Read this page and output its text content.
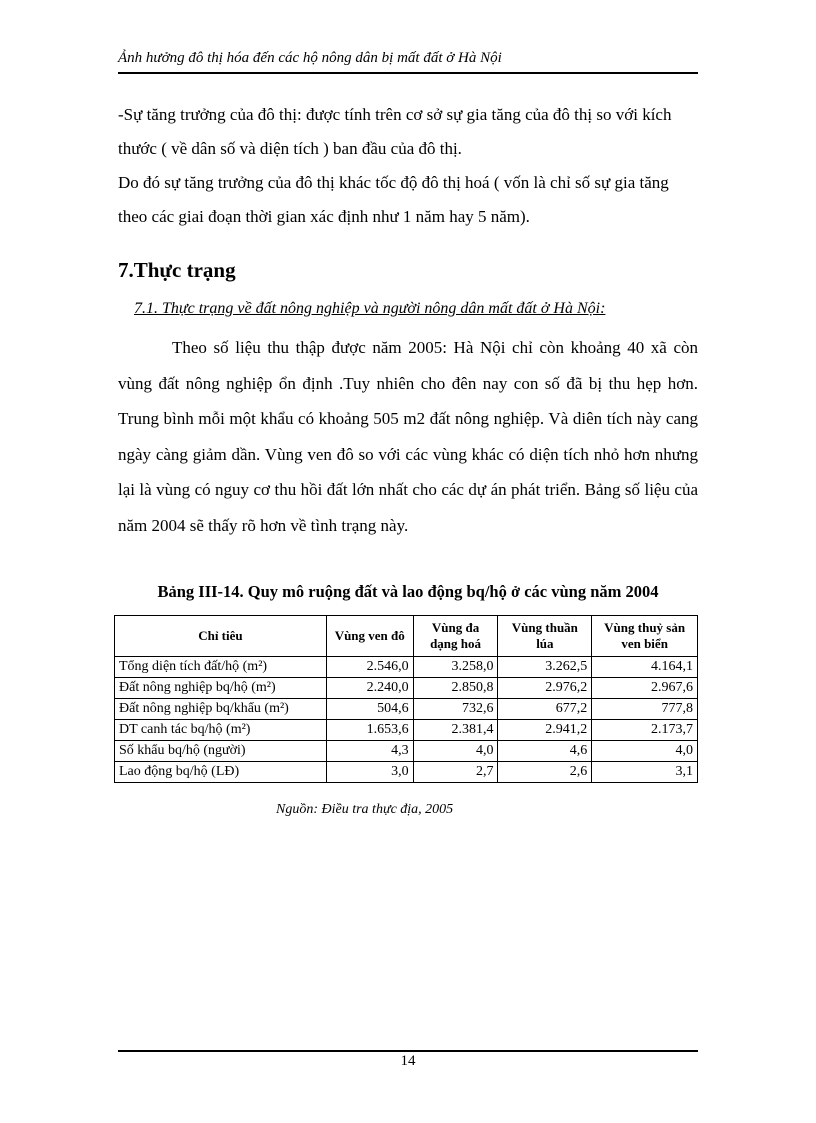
Ảnh hưởng đô thị hóa đến các hộ nông dân bị mất đất ở Hà Nội
-Sự tăng trưởng của đô thị: được tính trên cơ sở sự gia tăng của đô thị so với kích thước ( về dân số và diện tích ) ban đầu của đô thị.
Do đó sự tăng trưởng của đô thị khác tốc độ đô thị hoá ( vốn là chỉ số sự gia tăng theo các giai đoạn thời gian xác định như 1 năm hay 5 năm).
7.Thực trạng
7.1. Thực trạng về đất nông nghiệp và người nông dân mất đất ở Hà Nội:
Theo số liệu thu thập được năm 2005: Hà Nội chỉ còn khoảng 40 xã còn vùng đất nông nghiệp ổn định .Tuy nhiên cho đên nay con số đã bị thu hẹp hơn. Trung bình mỗi một khẩu có khoảng 505 m2 đất nông nghiệp. Và diên tích này cang ngày càng giảm dần. Vùng ven đô so với các vùng khác có diện tích nhỏ hơn nhưng lại là vùng có nguy cơ thu hồi đất lớn nhất cho các dự án phát triển. Bảng số liệu của năm 2004 sẽ thấy rõ hơn về tình trạng này.
Bảng III-14. Quy mô ruộng đất và lao động bq/hộ ở các vùng năm 2004
Chỉ tiêu	Vùng ven đô	Vùng đa dạng hoá	Vùng thuần lúa	Vùng thuỷ sản ven biển
Tổng diện tích đất/hộ (m²)	2.546,0	3.258,0	3.262,5	4.164,1
Đất nông nghiệp bq/hộ (m²)	2.240,0	2.850,8	2.976,2	2.967,6
Đất nông nghiệp bq/khẩu (m²)	504,6	732,6	677,2	777,8
DT canh tác bq/hộ (m²)	1.653,6	2.381,4	2.941,2	2.173,7
Số khẩu bq/hộ (người)	4,3	4,0	4,6	4,0
Lao động bq/hộ (LĐ)	3,0	2,7	2,6	3,1
Nguồn: Điều tra thực địa, 2005
14
